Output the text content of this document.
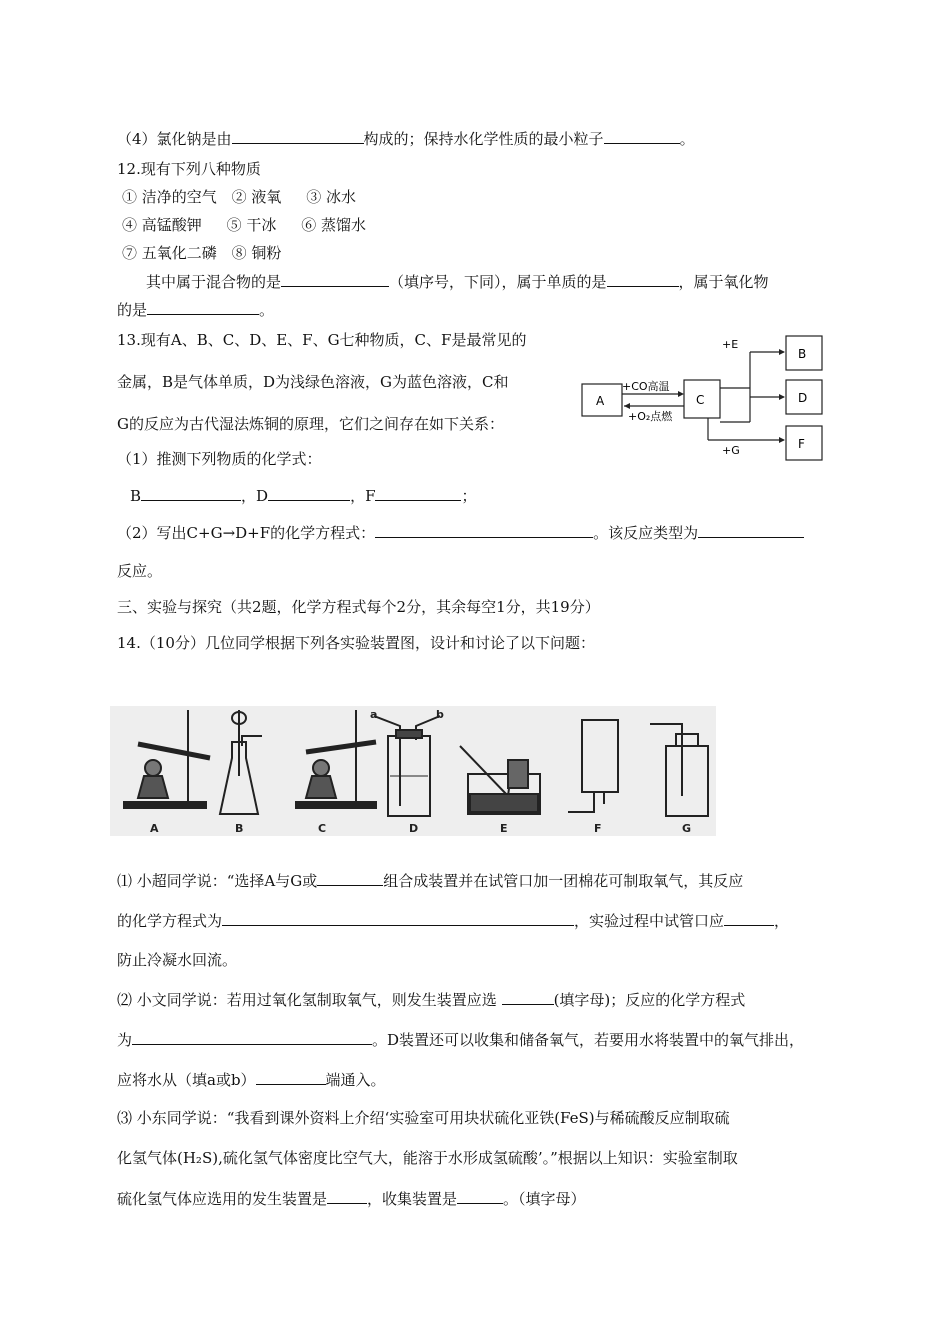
（4）氯化钠是由	构成的；保持水化学性质的最小粒子	。
12.现有下列八种物质
① 洁净的空气 ② 液氧 ③ 冰水
④ 高锰酸钾 ⑤ 干冰 ⑥ 蒸馏水
⑦ 五氧化二磷 ⑧ 铜粉
其中属于混合物的是	（填序号，下同），属于单质的是	，属于氧化物
的是	。
13.现有A、B、C、D、E、F、G七种物质，C、F是最常见的
金属，B是气体单质，D为浅绿色溶液，G为蓝色溶液，C和
G的反应为古代湿法炼铜的原理，它们之间存在如下关系：
A
B
C	D
F
+CO高温
+O₂点燃
+E
+G
（1）推测下列物质的化学式：
B	，D	，F	；
（2）写出C+G→D+F的化学方程式：	。该反应类型为
反应。
三、实验与探究（共2题，化学方程式每个2分，其余每空1分，共19分）
14.（10分）几位同学根据下列各实验装置图，设计和讨论了以下问题：
A	B	C	D	E	F	G
a	b
⑴ 小超同学说：“选择A与G或	组合成装置并在试管口加一团棉花可制取氧气，其反应
的化学方程式为	，实验过程中试管口应	，
防止冷凝水回流。
⑵ 小文同学说：若用过氧化氢制取氧气，则发生装置应选	(填字母)；反应的化学方程式
为	。D装置还可以收集和储备氧气，若要用水将装置中的氧气排出，
应将水从（填a或b）	端通入。
⑶ 小东同学说：“我看到课外资料上介绍‘实验室可用块状硫化亚铁(FeS)与稀硫酸反应制取硫
化氢气体(H₂S),硫化氢气体密度比空气大，能溶于水形成氢硫酸’。”根据以上知识：实验室制取
硫化氢气体应选用的发生装置是	，收集装置是	。（填字母）
